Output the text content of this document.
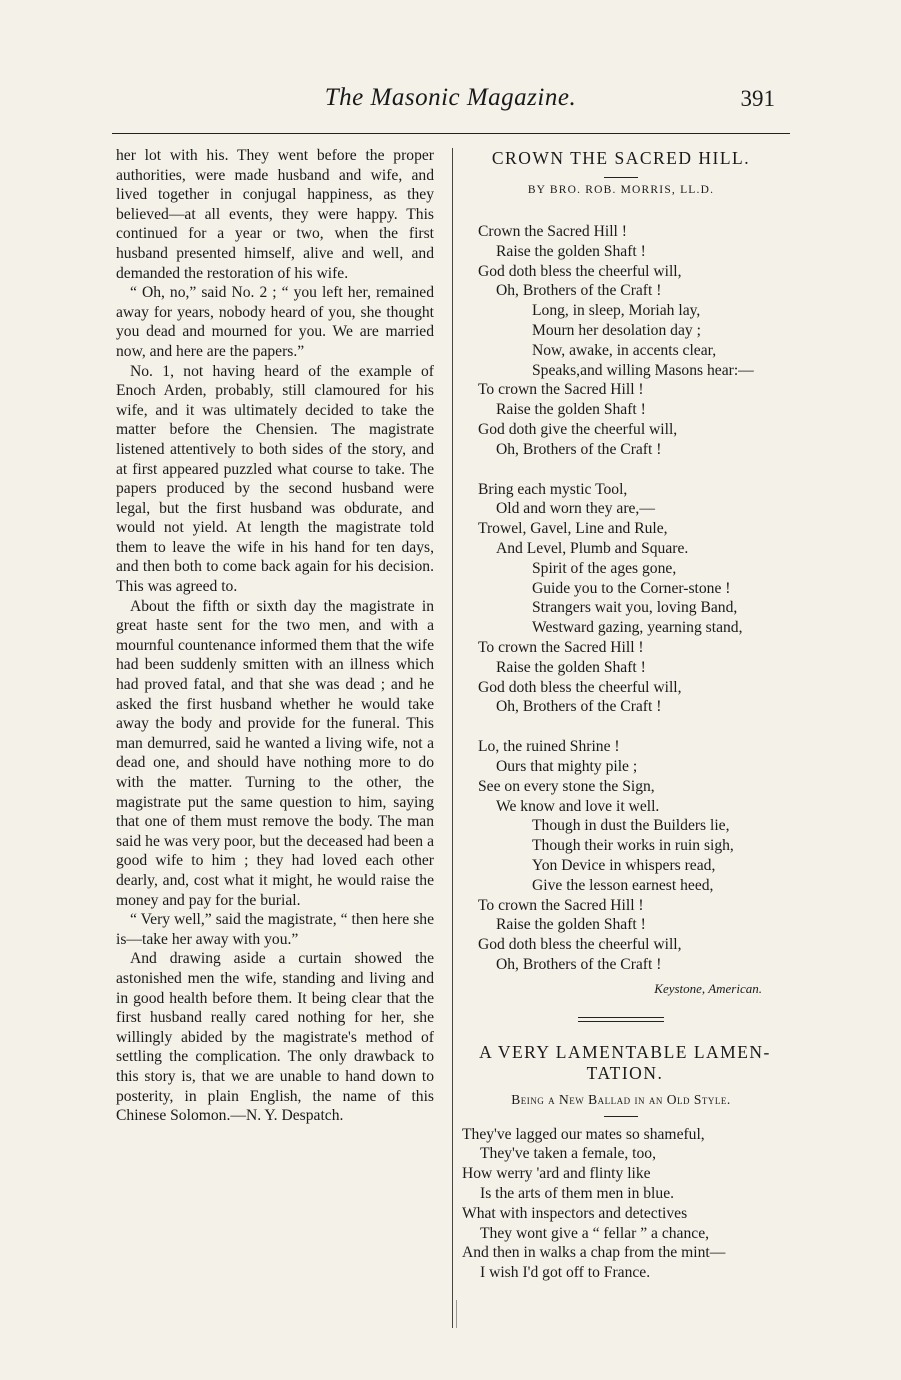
The Masonic Magazine.	391

her lot with his. They went before the proper authorities, were made husband and wife, and lived together in conjugal happiness, as they believed—at all events, they were happy. This continued for a year or two, when the first husband presented himself, alive and well, and demanded the restoration of his wife.

“ Oh, no,” said No. 2 ; “ you left her, remained away for years, nobody heard of you, she thought you dead and mourned for you. We are married now, and here are the papers.”

No. 1, not having heard of the example of Enoch Arden, probably, still clamoured for his wife, and it was ultimately decided to take the matter before the Chensien. The magistrate listened attentively to both sides of the story, and at first appeared puzzled what course to take. The papers produced by the second husband were legal, but the first husband was obdurate, and would not yield. At length the magistrate told them to leave the wife in his hand for ten days, and then both to come back again for his decision. This was agreed to.

About the fifth or sixth day the magistrate in great haste sent for the two men, and with a mournful countenance informed them that the wife had been suddenly smitten with an illness which had proved fatal, and that she was dead ; and he asked the first husband whether he would take away the body and provide for the funeral. This man demurred, said he wanted a living wife, not a dead one, and should have nothing more to do with the matter. Turning to the other, the magistrate put the same question to him, saying that one of them must remove the body. The man said he was very poor, but the deceased had been a good wife to him ; they had loved each other dearly, and, cost what it might, he would raise the money and pay for the burial.

“ Very well,” said the magistrate, “ then here she is—take her away with you.”

And drawing aside a curtain showed the astonished men the wife, standing and living and in good health before them. It being clear that the first husband really cared nothing for her, she willingly abided by the magistrate's method of settling the complication. The only drawback to this story is, that we are unable to hand down to posterity, in plain English, the name of this Chinese Solomon.—N. Y. Despatch.

CROWN THE SACRED HILL.
BY BRO. ROB. MORRIS, LL.D.
Crown the Sacred Hill !
Raise the golden Shaft !
God doth bless the cheerful will,
Oh, Brothers of the Craft !
Long, in sleep, Moriah lay,
Mourn her desolation day ;
Now, awake, in accents clear,
Speaks,and willing Masons hear:—
To crown the Sacred Hill !
Raise the golden Shaft !
God doth give the cheerful will,
Oh, Brothers of the Craft !
Bring each mystic Tool,
Old and worn they are,—
Trowel, Gavel, Line and Rule,
And Level, Plumb and Square.
Spirit of the ages gone,
Guide you to the Corner-stone !
Strangers wait you, loving Band,
Westward gazing, yearning stand,
To crown the Sacred Hill !
Raise the golden Shaft !
God doth bless the cheerful will,
Oh, Brothers of the Craft !
Lo, the ruined Shrine !
Ours that mighty pile ;
See on every stone the Sign,
We know and love it well.
Though in dust the Builders lie,
Though their works in ruin sigh,
Yon Device in whispers read,
Give the lesson earnest heed,
To crown the Sacred Hill !
Raise the golden Shaft !
God doth bless the cheerful will,
Oh, Brothers of the Craft !
Keystone, American.
A VERY LAMENTABLE LAMEN-
TATION.
Being a New Ballad in an Old Style.
They've lagged our mates so shameful,
They've taken a female, too,
How werry 'ard and flinty like
Is the arts of them men in blue.
What with inspectors and detectives
They wont give a “ fellar ” a chance,
And then in walks a chap from the mint—
I wish I'd got off to France.
